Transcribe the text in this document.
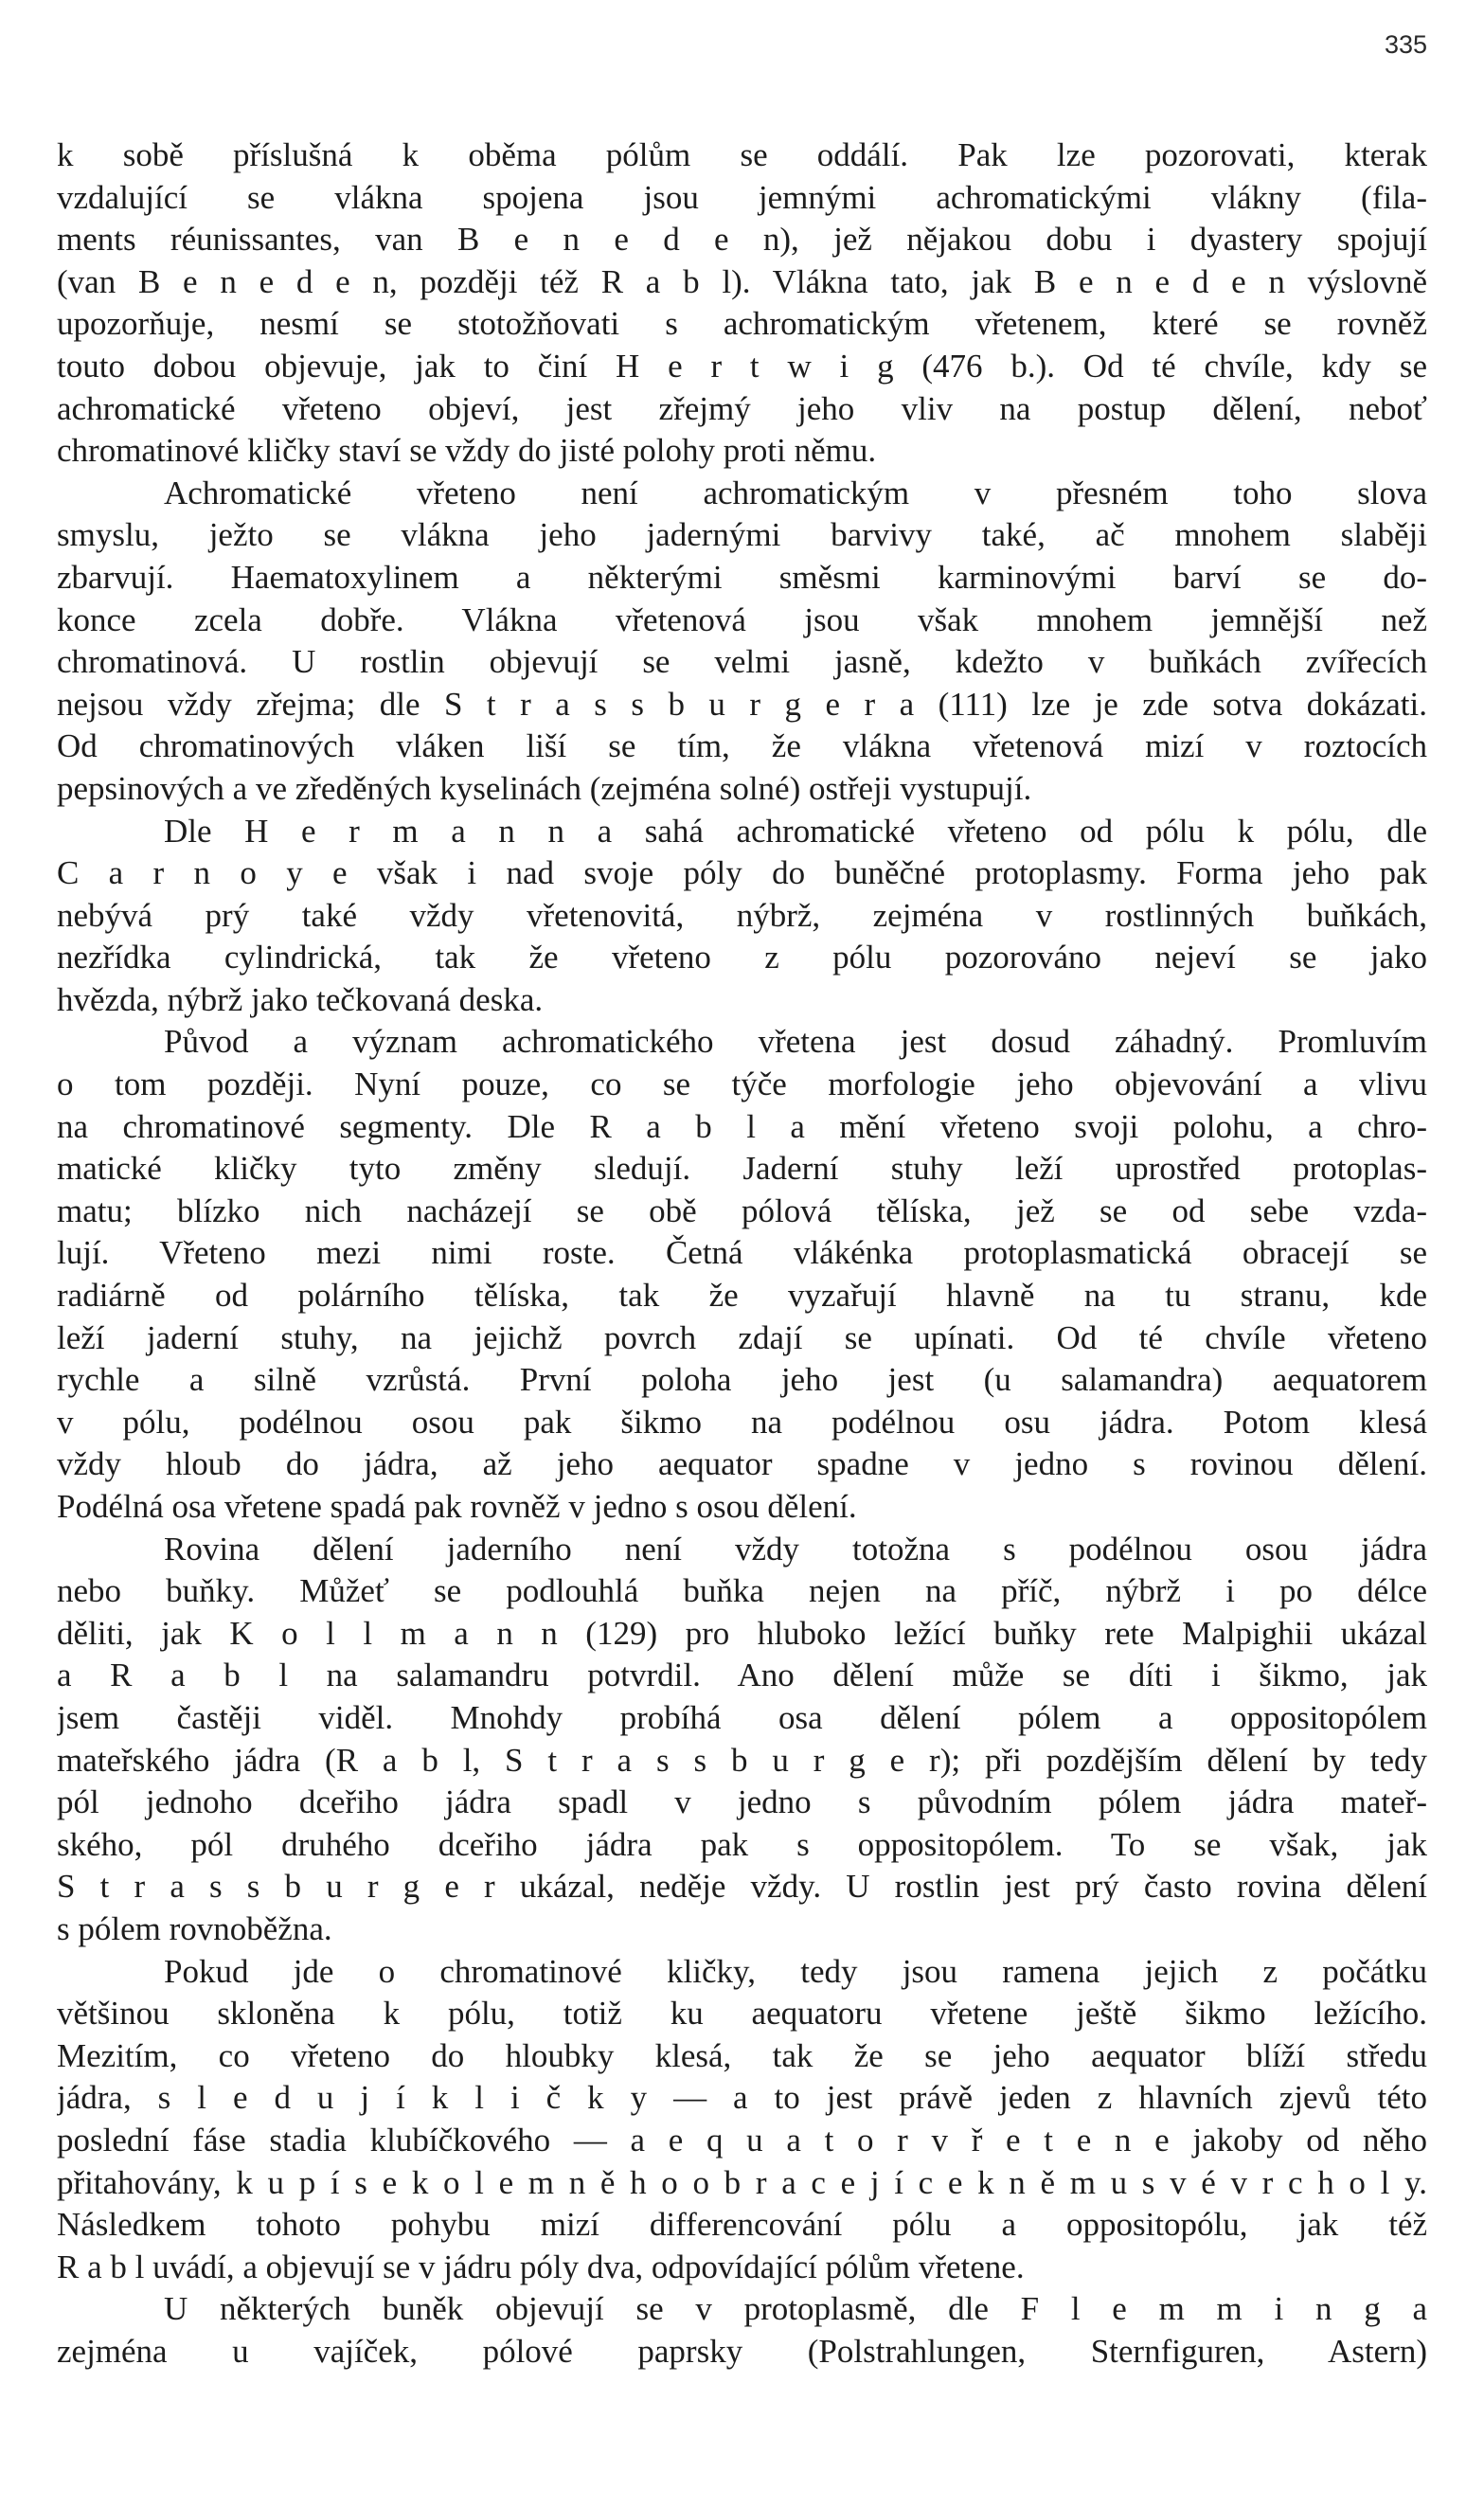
335

k sobě příslušná k oběma pólům se oddálí. Pak lze pozorovati, kterak
vzdalující se vlákna spojena jsou jemnými achromatickými vlákny (fila-
ments réunissantes, van B e n e d e n), jež nějakou dobu i dyastery spojují
(van B e n e d e n, později též R a b l). Vlákna tato, jak B e n e d e n výslovně
upozorňuje, nesmí se stotožňovati s achromatickým vřetenem, které se rovněž
touto dobou objevuje, jak to činí H e r t w i g (476 b.). Od té chvíle, kdy se
achromatické vřeteno objeví, jest zřejmý jeho vliv na postup dělení, neboť
chromatinové kličky staví se vždy do jisté polohy proti němu.
Achromatické vřeteno není achromatickým v přesném toho slova
smyslu, ježto se vlákna jeho jadernými barvivy také, ač mnohem slaběji
zbarvují. Haematoxylinem a některými směsmi karminovými barví se do-
konce zcela dobře. Vlákna vřetenová jsou však mnohem jemnější než
chromatinová. U rostlin objevují se velmi jasně, kdežto v buňkách zvířecích
nejsou vždy zřejma; dle S t r a s s b u r g e r a (111) lze je zde sotva dokázati.
Od chromatinových vláken liší se tím, že vlákna vřetenová mizí v roztocích
pepsinových a ve zředěných kyselinách (zejména solné) ostřeji vystupují.
Dle H e r m a n n a sahá achromatické vřeteno od pólu k pólu, dle
C a r n o y e však i nad svoje póly do buněčné protoplasmy. Forma jeho pak
nebývá prý také vždy vřetenovitá, nýbrž, zejména v rostlinných buňkách,
nezřídka cylindrická, tak že vřeteno z pólu pozorováno nejeví se jako
hvězda, nýbrž jako tečkovaná deska.
Původ a význam achromatického vřetena jest dosud záhadný. Promluvím
o tom později. Nyní pouze, co se týče morfologie jeho objevování a vlivu
na chromatinové segmenty. Dle R a b l a mění vřeteno svoji polohu, a chro-
matické kličky tyto změny sledují. Jaderní stuhy leží uprostřed protoplas-
matu; blízko nich nacházejí se obě pólová tělíska, jež se od sebe vzda-
lují. Vřeteno mezi nimi roste. Četná vlákénka protoplasmatická obracejí se
radiárně od polárního tělíska, tak že vyzařují hlavně na tu stranu, kde
leží jaderní stuhy, na jejichž povrch zdají se upínati. Od té chvíle vřeteno
rychle a silně vzrůstá. První poloha jeho jest (u salamandra) aequatorem
v pólu, podélnou osou pak šikmo na podélnou osu jádra. Potom klesá
vždy hloub do jádra, až jeho aequator spadne v jedno s rovinou dělení.
Podélná osa vřetene spadá pak rovněž v jedno s osou dělení.
Rovina dělení jaderního není vždy totožna s podélnou osou jádra
nebo buňky. Můžeť se podlouhlá buňka nejen na příč, nýbrž i po délce
děliti, jak K o l l m a n n (129) pro hluboko ležící buňky rete Malpighii ukázal
a R a b l na salamandru potvrdil. Ano dělení může se díti i šikmo, jak
jsem častěji viděl. Mnohdy probíhá osa dělení pólem a oppositopólem
mateřského jádra (R a b l, S t r a s s b u r g e r); při pozdějším dělení by tedy
pól jednoho dceřiho jádra spadl v jedno s původním pólem jádra mateř-
ského, pól druhého dceřiho jádra pak s oppositopólem. To se však, jak
S t r a s s b u r g e r ukázal, neděje vždy. U rostlin jest prý často rovina dělení
s pólem rovnoběžna.
Pokud jde o chromatinové kličky, tedy jsou ramena jejich z počátku
většinou skloněna k pólu, totiž ku aequatoru vřetene ještě šikmo ležícího.
Mezitím, co vřeteno do hloubky klesá, tak že se jeho aequator blíží středu
jádra, s l e d u j í k l i č k y — a to jest právě jeden z hlavních zjevů této
poslední fáse stadia klubíčkového — a e q u a t o r v ř e t e n e jakoby od něho
přitahovány, k u p í s e k o l e m n ě h o o b r a c e j í c e k n ě m u s v é v r c h o l y.
Následkem tohoto pohybu mizí differencování pólu a oppositopólu, jak též
R a b l uvádí, a objevují se v jádru póly dva, odpovídající pólům vřetene.
U některých buněk objevují se v protoplasmě, dle F l e m m i n g a
zejména u vajíček, pólové paprsky (Polstrahlungen, Sternfiguren, Astern)
